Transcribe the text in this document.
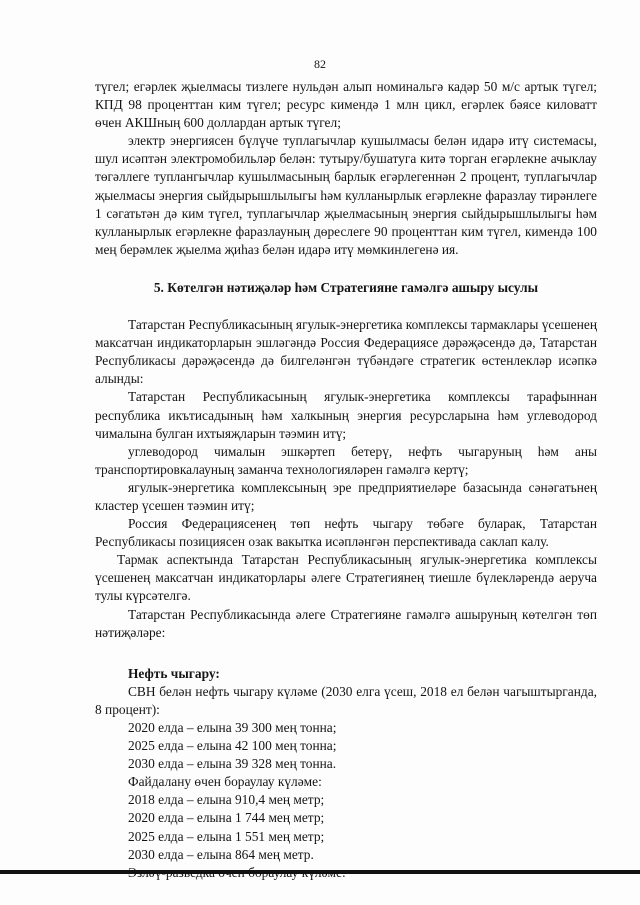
82

түгел; егәрлек җыелмасы тизлеге нульдән алып номинальгә кадәр 50 м/с артык түгел; КПД 98 проценттан ким түгел; ресурс кимендә 1 млн цикл, егәрлек бәясе киловатт өчен АКШның 600 доллардан артык түгел;

электр энергиясен бүлүче туплагычлар кушылмасы белән идарә итү системасы, шул исәптән электромобильләр белән: тутыру/бушатуга китә торган егәрлекне ачыклау төгәллеге туплангычлар кушылмасының барлык егәрлегеннән 2 процент, туплагычлар җыелмасы энергия сыйдырышлылыгы һәм кулланырлык егәрлекне фаразлау тирәнлеге 1 сәгатьтән дә ким түгел, туплагычлар җыелмасының энергия сыйдырышлылыгы һәм кулланырлык егәрлекне фаразлауның дөреслеге 90 проценттан ким түгел, кимендә 100 мең берәмлек җыелма җиһаз белән идарә итү мөмкинлегенә ия.

5. Көтелгән нәтиҗәләр һәм Стратегияне гамәлгә ашыру ысулы

Татарстан Республикасының ягулык-энергетика комплексы тармаклары үсешенең максатчан индикаторларын эшләгәндә Россия Федерациясе дәрәҗәсендә дә, Татарстан Республикасы дәрәҗәсендә дә билгеләнгән түбәндәге стратегик өстенлекләр исәпкә алынды:

Татарстан Республикасының ягулык-энергетика комплексы тарафыннан республика икътисадының һәм халкының энергия ресурсларына һәм углеводород чималына булган ихтыяҗларын тәэмин итү;

углеводород чималын эшкәртеп бетерү, нефть чыгаруның һәм аны транспортировкалауның заманча технологияләрен гамәлгә кертү;

ягулык-энергетика комплексының эре предприятиеләре базасында сәнәгатьнең кластер үсешен тәэмин итү;

Россия Федерациясенең төп нефть чыгару төбәге буларак, Татарстан Республикасы позициясен озак вакытка исәпләнгән перспективада саклап калу.

Тармак аспектында Татарстан Республикасының ягулык-энергетика комплексы үсешенең максатчан индикаторлары әлеге Стратегиянең тиешле бүлекләрендә аеруча тулы күрсәтелгә.

Татарстан Республикасында әлеге Стратегияне гамәлгә ашыруның көтелгән төп нәтиҗәләре:

Нефть чыгару:

СВН белән нефть чыгару күләме (2030 елга үсеш, 2018 ел белән чагыштырганда, 8 процент):

2020 елда – елына 39 300 мең тонна;

2025 елда – елына 42 100 мең тонна;

2030 елда – елына 39 328 мең тонна.

Файдалану өчен бораулау күләме:

2018 елда – елына 910,4 мең метр;

2020 елда – елына 1 744 мең метр;

2025 елда – елына 1 551 мең метр;

2030 елда – елына 864 мең метр.
